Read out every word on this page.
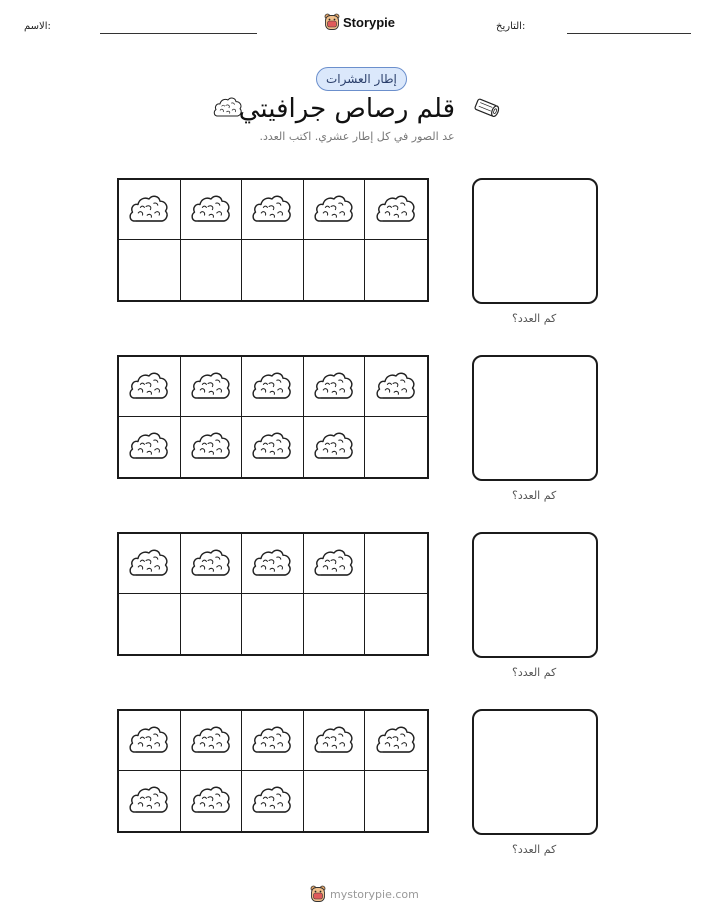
الاسم:	Storypie	التاريخ:
إطار العشرات
قلم رصاص جرافيتي
عد الصور في كل إطار عشري. اكتب العدد.
كم العدد؟
كم العدد؟
كم العدد؟
كم العدد؟
mystorypie.com
